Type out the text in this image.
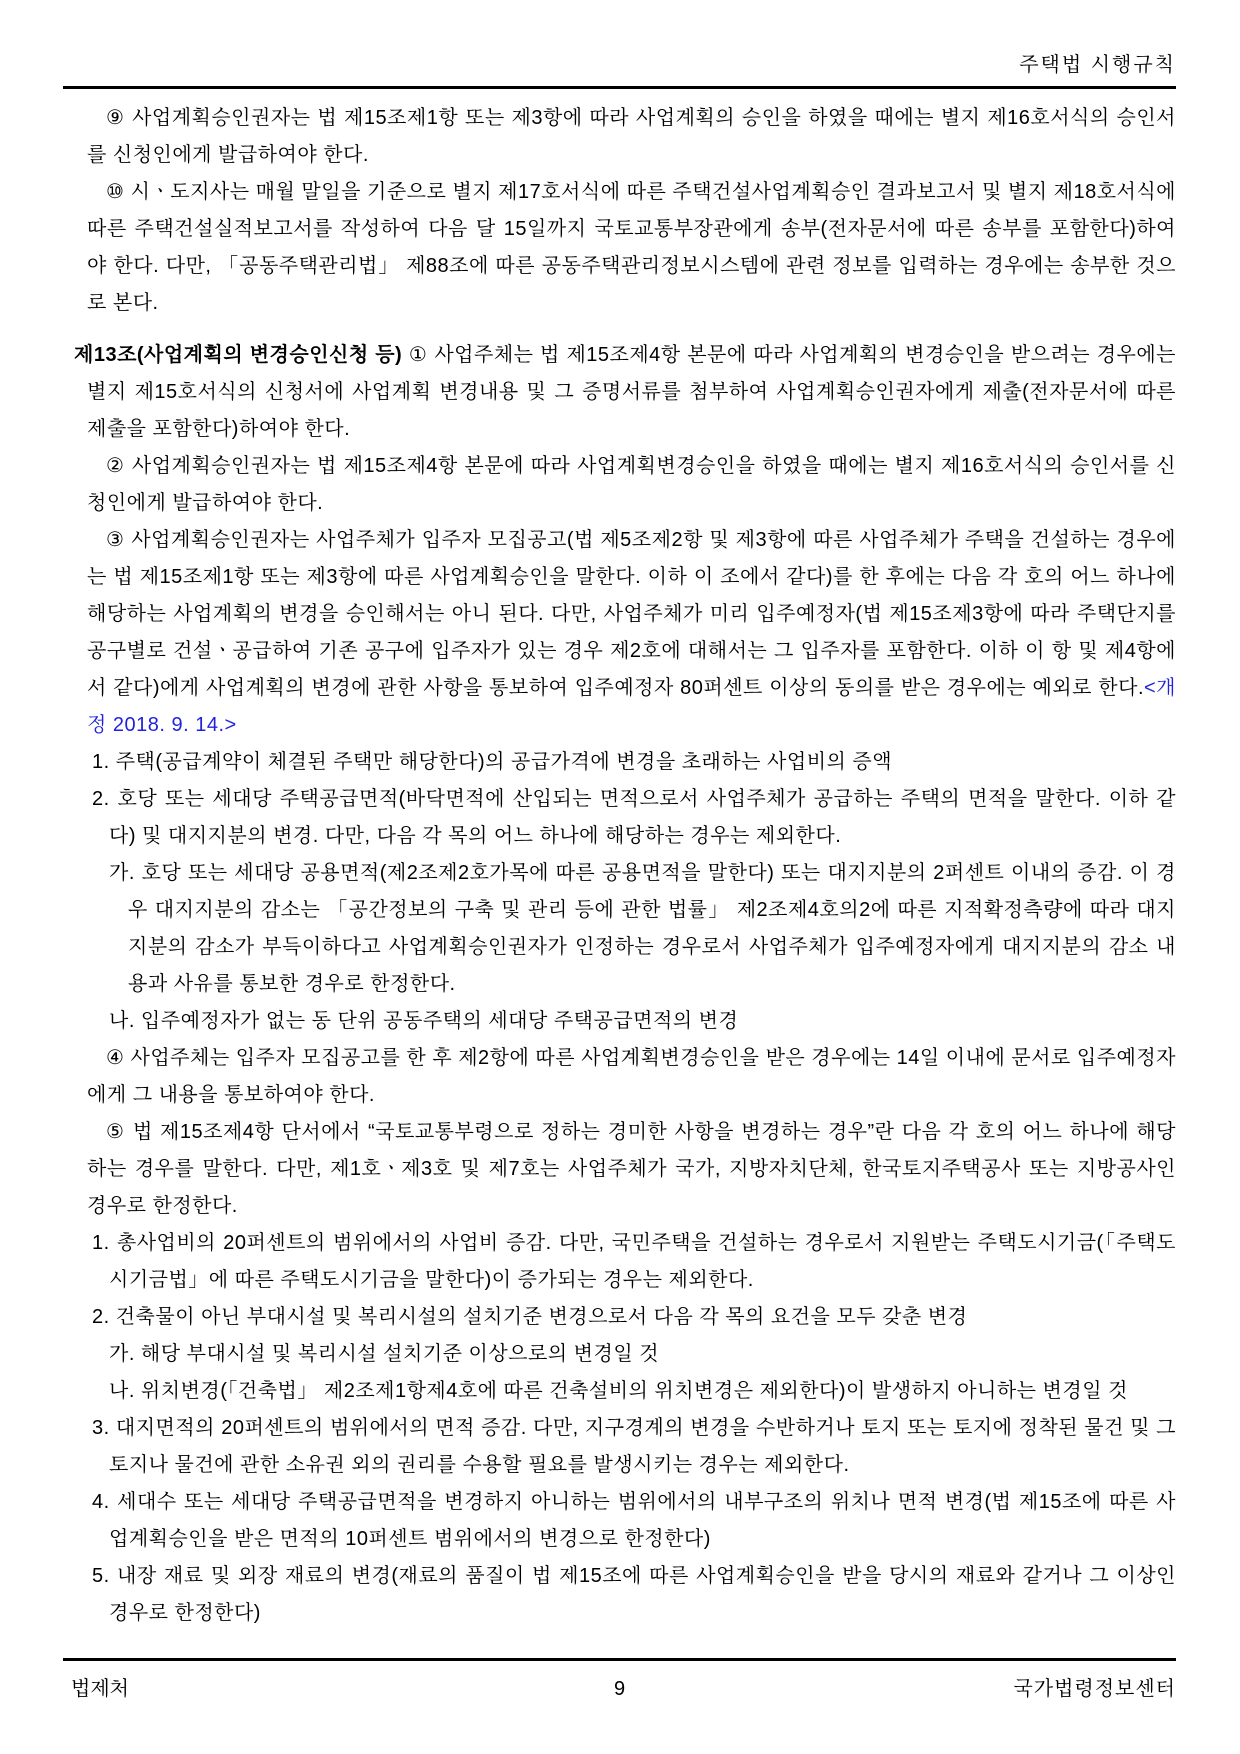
주택법 시행규칙

⑨ 사업계획승인권자는 법 제15조제1항 또는 제3항에 따라 사업계획의 승인을 하였을 때에는 별지 제16호서식의 승인서를 신청인에게 발급하여야 한다.

⑩ 시ㆍ도지사는 매월 말일을 기준으로 별지 제17호서식에 따른 주택건설사업계획승인 결과보고서 및 별지 제18호서식에 따른 주택건설실적보고서를 작성하여 다음 달 15일까지 국토교통부장관에게 송부(전자문서에 따른 송부를 포함한다)하여야 한다. 다만, 「공동주택관리법」 제88조에 따른 공동주택관리정보시스템에 관련 정보를 입력하는 경우에는 송부한 것으로 본다.

제13조(사업계획의 변경승인신청 등) ① 사업주체는 법 제15조제4항 본문에 따라 사업계획의 변경승인을 받으려는 경우에는 별지 제15호서식의 신청서에 사업계획 변경내용 및 그 증명서류를 첨부하여 사업계획승인권자에게 제출(전자문서에 따른 제출을 포함한다)하여야 한다.

② 사업계획승인권자는 법 제15조제4항 본문에 따라 사업계획변경승인을 하였을 때에는 별지 제16호서식의 승인서를 신청인에게 발급하여야 한다.

③ 사업계획승인권자는 사업주체가 입주자 모집공고(법 제5조제2항 및 제3항에 따른 사업주체가 주택을 건설하는 경우에는 법 제15조제1항 또는 제3항에 따른 사업계획승인을 말한다. 이하 이 조에서 같다)를 한 후에는 다음 각 호의 어느 하나에 해당하는 사업계획의 변경을 승인해서는 아니 된다. 다만, 사업주체가 미리 입주예정자(법 제15조제3항에 따라 주택단지를 공구별로 건설ㆍ공급하여 기존 공구에 입주자가 있는 경우 제2호에 대해서는 그 입주자를 포함한다. 이하 이 항 및 제4항에서 같다)에게 사업계획의 변경에 관한 사항을 통보하여 입주예정자 80퍼센트 이상의 동의를 받은 경우에는 예외로 한다.<개정 2018. 9. 14.>

1. 주택(공급계약이 체결된 주택만 해당한다)의 공급가격에 변경을 초래하는 사업비의 증액

2. 호당 또는 세대당 주택공급면적(바닥면적에 산입되는 면적으로서 사업주체가 공급하는 주택의 면적을 말한다. 이하 같다) 및 대지지분의 변경. 다만, 다음 각 목의 어느 하나에 해당하는 경우는 제외한다.

가. 호당 또는 세대당 공용면적(제2조제2호가목에 따른 공용면적을 말한다) 또는 대지지분의 2퍼센트 이내의 증감. 이 경우 대지지분의 감소는 「공간정보의 구축 및 관리 등에 관한 법률」 제2조제4호의2에 따른 지적확정측량에 따라 대지지분의 감소가 부득이하다고 사업계획승인권자가 인정하는 경우로서 사업주체가 입주예정자에게 대지지분의 감소 내용과 사유를 통보한 경우로 한정한다.

나. 입주예정자가 없는 동 단위 공동주택의 세대당 주택공급면적의 변경

④ 사업주체는 입주자 모집공고를 한 후 제2항에 따른 사업계획변경승인을 받은 경우에는 14일 이내에 문서로 입주예정자에게 그 내용을 통보하여야 한다.

⑤ 법 제15조제4항 단서에서 “국토교통부령으로 정하는 경미한 사항을 변경하는 경우”란 다음 각 호의 어느 하나에 해당하는 경우를 말한다. 다만, 제1호ㆍ제3호 및 제7호는 사업주체가 국가, 지방자치단체, 한국토지주택공사 또는 지방공사인 경우로 한정한다.

1. 총사업비의 20퍼센트의 범위에서의 사업비 증감. 다만, 국민주택을 건설하는 경우로서 지원받는 주택도시기금(「주택도시기금법」에 따른 주택도시기금을 말한다)이 증가되는 경우는 제외한다.

2. 건축물이 아닌 부대시설 및 복리시설의 설치기준 변경으로서 다음 각 목의 요건을 모두 갖춘 변경

가. 해당 부대시설 및 복리시설 설치기준 이상으로의 변경일 것

나. 위치변경(「건축법」 제2조제1항제4호에 따른 건축설비의 위치변경은 제외한다)이 발생하지 아니하는 변경일 것

3. 대지면적의 20퍼센트의 범위에서의 면적 증감. 다만, 지구경계의 변경을 수반하거나 토지 또는 토지에 정착된 물건 및 그 토지나 물건에 관한 소유권 외의 권리를 수용할 필요를 발생시키는 경우는 제외한다.

4. 세대수 또는 세대당 주택공급면적을 변경하지 아니하는 범위에서의 내부구조의 위치나 면적 변경(법 제15조에 따른 사업계획승인을 받은 면적의 10퍼센트 범위에서의 변경으로 한정한다)

5. 내장 재료 및 외장 재료의 변경(재료의 품질이 법 제15조에 따른 사업계획승인을 받을 당시의 재료와 같거나 그 이상인 경우로 한정한다)

법제처	9	국가법령정보센터
